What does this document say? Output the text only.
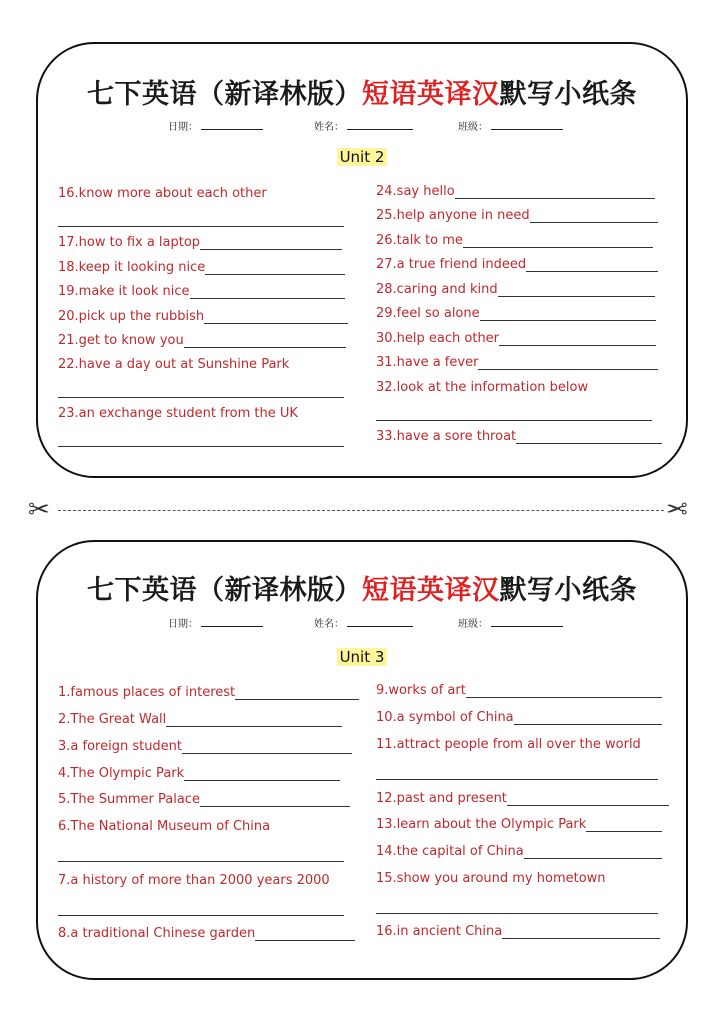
七下英语（新译林版）短语英译汉默写小纸条
日期：	姓名：	班级：
Unit 2
16.know more about each other
17.how to fix a laptop
18.keep it looking nice
19.make it look nice
20.pick up the rubbish
21.get to know you
22.have a day out at Sunshine Park
23.an exchange student from the UK
24.say hello
25.help anyone in need
26.talk to me
27.a true friend indeed
28.caring and kind
29.feel so alone
30.help each other
31.have a fever
32.look at the information below
33.have a sore throat
✂	✂
七下英语（新译林版）短语英译汉默写小纸条
日期：	姓名：	班级：
Unit 3
1.famous places of interest
2.The Great Wall
3.a foreign student
4.The Olympic Park
5.The Summer Palace
6.The National Museum of China
7.a history of more than 2000 years 2000
8.a traditional Chinese garden
9.works of art
10.a symbol of China
11.attract people from all over the world
12.past and present
13.learn about the Olympic Park
14.the capital of China
15.show you around my hometown
16.in ancient China
